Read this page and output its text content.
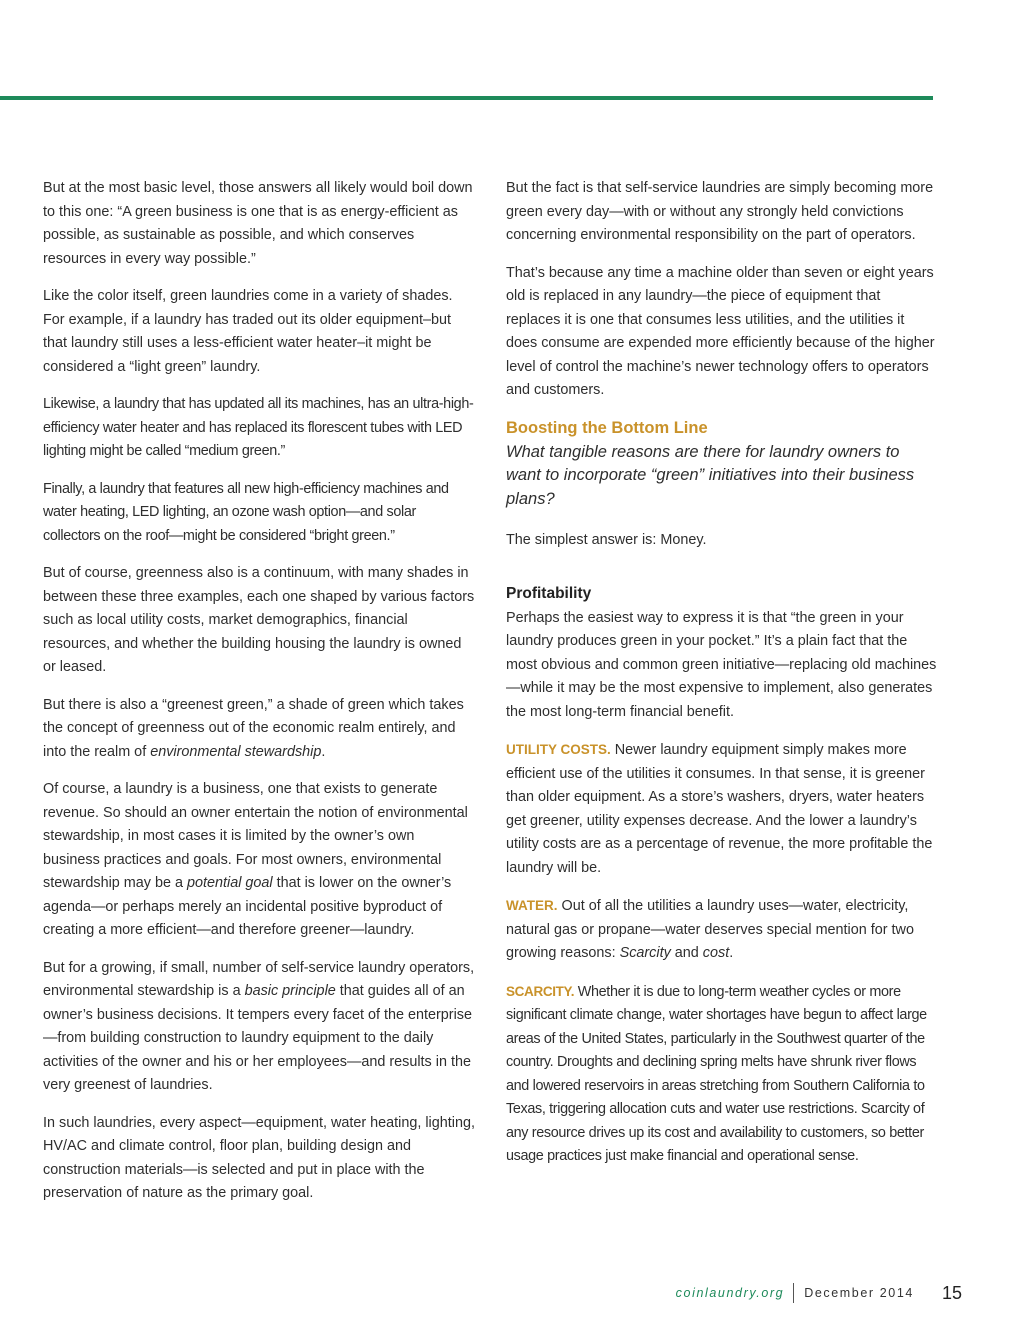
But at the most basic level, those answers all likely would boil down to this one: “A green business is one that is as energy-efficient as possible, as sustainable as possible, and which conserves resources in every way possible.”

Like the color itself, green laundries come in a variety of shades. For example, if a laundry has traded out its older equipment–but that laundry still uses a less-efficient water heater–it might be considered a “light green” laundry.

Likewise, a laundry that has updated all its machines, has an ultra-high-efficiency water heater and has replaced its florescent tubes with LED lighting might be called “medium green.”

Finally, a laundry that features all new high-efficiency machines and water heating, LED lighting, an ozone wash option—and solar collectors on the roof—might be considered “bright green.”

But of course, greenness also is a continuum, with many shades in between these three examples, each one shaped by various factors such as local utility costs, market demographics, financial resources, and whether the building housing the laundry is owned or leased.

But there is also a “greenest green,” a shade of green which takes the concept of greenness out of the economic realm entirely, and into the realm of environmental stewardship.

Of course, a laundry is a business, one that exists to generate revenue. So should an owner entertain the notion of environmental stewardship, in most cases it is limited by the owner’s own business practices and goals. For most owners, environmental stewardship may be a potential goal that is lower on the owner’s agenda—or perhaps merely an incidental positive byproduct of creating a more efficient—and therefore greener—laundry.

But for a growing, if small, number of self-service laundry operators, environmental stewardship is a basic principle that guides all of an owner’s business decisions. It tempers every facet of the enterprise—from building construction to laundry equipment to the daily activities of the owner and his or her employees—and results in the very greenest of laundries.

In such laundries, every aspect—equipment, water heating, lighting, HV/AC and climate control, floor plan, building design and construction materials—is selected and put in place with the preservation of nature as the primary goal.

But the fact is that self-service laundries are simply becoming more green every day—with or without any strongly held convictions concerning environmental responsibility on the part of operators.

That’s because any time a machine older than seven or eight years old is replaced in any laundry—the piece of equipment that replaces it is one that consumes less utilities, and the utilities it does consume are expended more efficiently because of the higher level of control the machine’s newer technology offers to operators and customers.

Boosting the Bottom Line
What tangible reasons are there for laundry owners to want to incorporate “green” initiatives into their business plans?

The simplest answer is: Money.

Profitability

Perhaps the easiest way to express it is that “the green in your laundry produces green in your pocket.” It’s a plain fact that the most obvious and common green initiative—replacing old machines—while it may be the most expensive to implement, also generates the most long-term financial benefit.

UTILITY COSTS. Newer laundry equipment simply makes more efficient use of the utilities it consumes. In that sense, it is greener than older equipment. As a store’s washers, dryers, water heaters get greener, utility expenses decrease. And the lower a laundry’s utility costs are as a percentage of revenue, the more profitable the laundry will be.

WATER. Out of all the utilities a laundry uses—water, electricity, natural gas or propane—water deserves special mention for two growing reasons: Scarcity and cost.

SCARCITY. Whether it is due to long-term weather cycles or more significant climate change, water shortages have begun to affect large areas of the United States, particularly in the Southwest quarter of the country. Droughts and declining spring melts have shrunk river flows and lowered reservoirs in areas stretching from Southern California to Texas, triggering allocation cuts and water use restrictions. Scarcity of any resource drives up its cost and availability to customers, so better usage practices just make financial and operational sense.

coinlaundry.org December 2014 15
